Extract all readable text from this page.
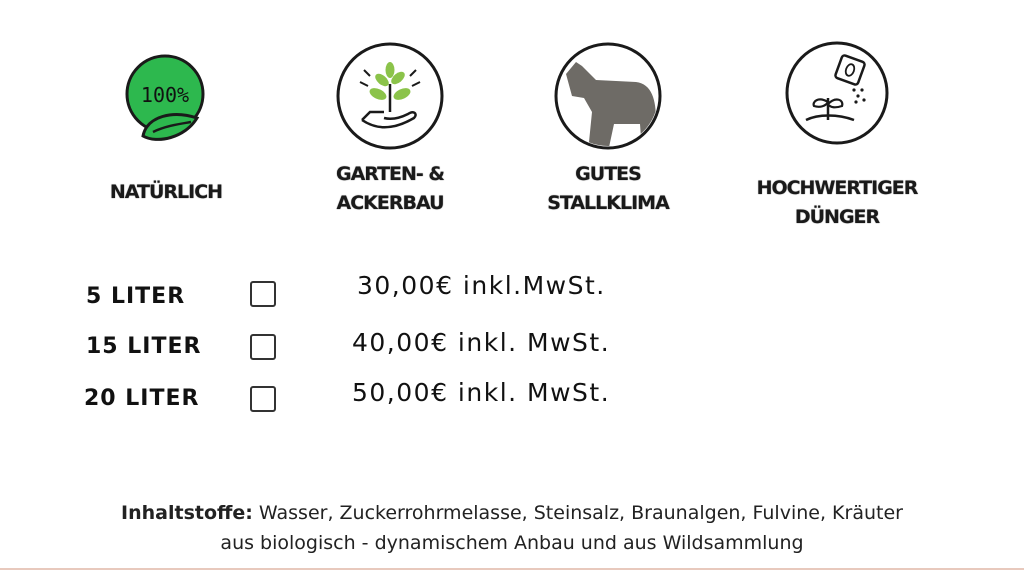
100%
NATÜRLICH
GARTEN- &
ACKERBAU
GUTES
STALLKLIMA
HOCHWERTIGER
DÜNGER
5 LITER	30,00€ inkl.MwSt.
15 LITER	40,00€ inkl. MwSt.
20 LITER	50,00€ inkl. MwSt.
Inhaltstoffe: Wasser, Zuckerrohrmelasse, Steinsalz, Braunalgen, Fulvine, Kräuter
aus biologisch - dynamischem Anbau und aus Wildsammlung
